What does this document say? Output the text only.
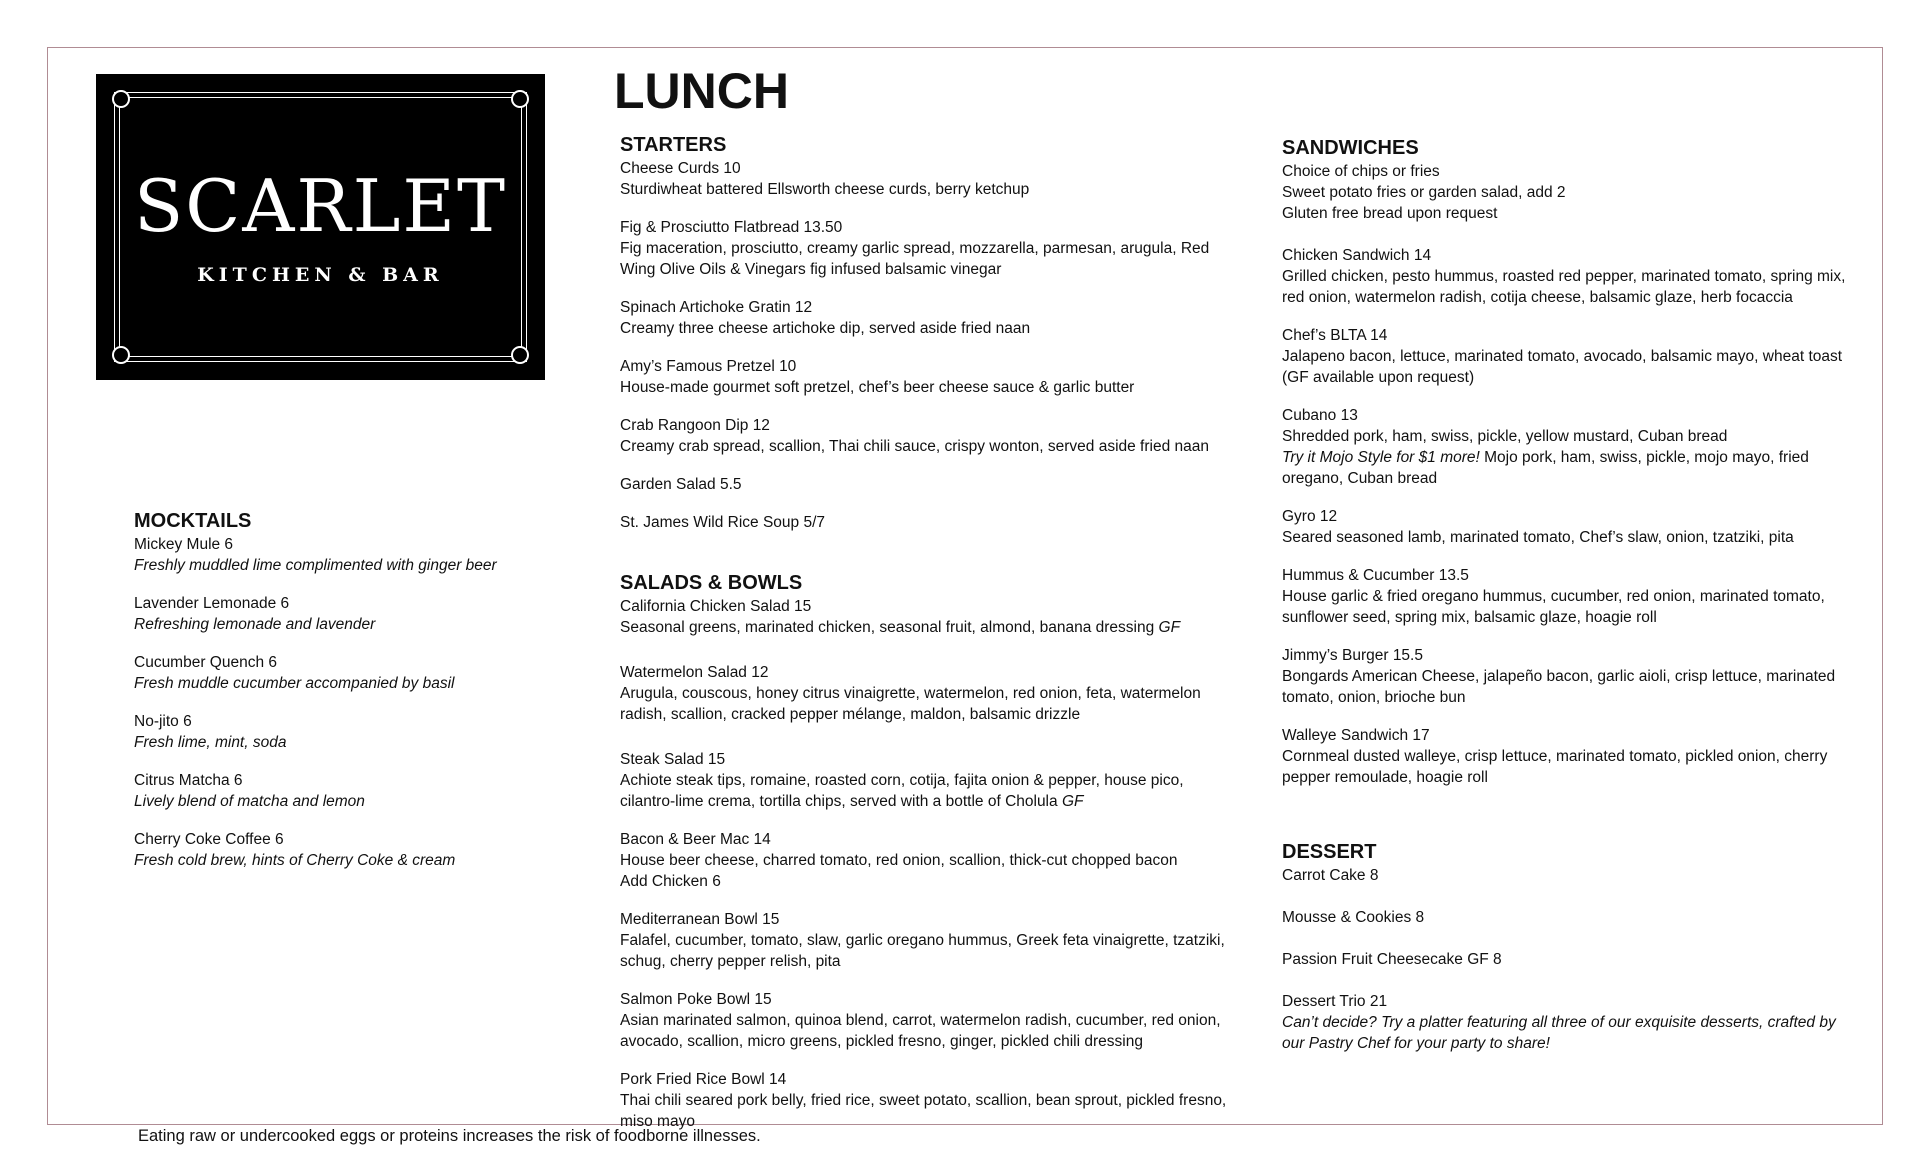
SCARLET
KITCHEN & BAR
LUNCH
MOCKTAILS
Mickey Mule 6
Freshly muddled lime complimented with ginger beer
Lavender Lemonade 6
Refreshing lemonade and lavender
Cucumber Quench 6
Fresh muddle cucumber accompanied by basil
No-jito 6
Fresh lime, mint, soda
Citrus Matcha 6
Lively blend of matcha and lemon
Cherry Coke Coffee 6
Fresh cold brew, hints of Cherry Coke & cream
STARTERS
Cheese Curds 10
Sturdiwheat battered Ellsworth cheese curds, berry ketchup
Fig & Prosciutto Flatbread 13.50
Fig maceration, prosciutto, creamy garlic spread, mozzarella, parmesan, arugula, Red Wing Olive Oils & Vinegars fig infused balsamic vinegar
Spinach Artichoke Gratin 12
Creamy three cheese artichoke dip, served aside fried naan
Amy’s Famous Pretzel 10
House-made gourmet soft pretzel, chef’s beer cheese sauce & garlic butter
Crab Rangoon Dip 12
Creamy crab spread, scallion, Thai chili sauce, crispy wonton, served aside fried naan
Garden Salad 5.5
St. James Wild Rice Soup 5/7
SALADS & BOWLS
California Chicken Salad 15
Seasonal greens, marinated chicken, seasonal fruit, almond, banana dressing GF
Watermelon Salad 12
Arugula, couscous, honey citrus vinaigrette, watermelon, red onion, feta, watermelon radish, scallion, cracked pepper mélange, maldon, balsamic drizzle
Steak Salad 15
Achiote steak tips, romaine, roasted corn, cotija, fajita onion & pepper, house pico, cilantro-lime crema, tortilla chips, served with a bottle of Cholula GF
Bacon & Beer Mac 14
House beer cheese, charred tomato, red onion, scallion, thick-cut chopped bacon
Add Chicken 6
Mediterranean Bowl 15
Falafel, cucumber, tomato, slaw, garlic oregano hummus, Greek feta vinaigrette, tzatziki, schug, cherry pepper relish, pita
Salmon Poke Bowl 15
Asian marinated salmon, quinoa blend, carrot, watermelon radish, cucumber, red onion, avocado, scallion, micro greens, pickled fresno, ginger, pickled chili dressing
Pork Fried Rice Bowl 14
Thai chili seared pork belly, fried rice, sweet potato, scallion, bean sprout, pickled fresno, miso mayo
SANDWICHES
Choice of chips or fries
Sweet potato fries or garden salad, add 2
Gluten free bread upon request
Chicken Sandwich 14
Grilled chicken, pesto hummus, roasted red pepper, marinated tomato, spring mix, red onion, watermelon radish, cotija cheese, balsamic glaze, herb focaccia
Chef’s BLTA 14
Jalapeno bacon, lettuce, marinated tomato, avocado, balsamic mayo, wheat toast (GF available upon request)
Cubano 13
Shredded pork, ham, swiss, pickle, yellow mustard, Cuban bread
Try it Mojo Style for $1 more! Mojo pork, ham, swiss, pickle, mojo mayo, fried oregano, Cuban bread
Gyro 12
Seared seasoned lamb, marinated tomato, Chef’s slaw, onion, tzatziki, pita
Hummus & Cucumber 13.5
House garlic & fried oregano hummus, cucumber, red onion, marinated tomato, sunflower seed, spring mix, balsamic glaze, hoagie roll
Jimmy’s Burger 15.5
Bongards American Cheese, jalapeño bacon, garlic aioli, crisp lettuce, marinated tomato, onion, brioche bun
Walleye Sandwich 17
Cornmeal dusted walleye, crisp lettuce, marinated tomato, pickled onion, cherry pepper remoulade, hoagie roll
DESSERT
Carrot Cake 8
Mousse & Cookies 8
Passion Fruit Cheesecake GF 8
Dessert Trio 21
Can’t decide? Try a platter featuring all three of our exquisite desserts, crafted by our Pastry Chef for your party to share!
Eating raw or undercooked eggs or proteins increases the risk of foodborne illnesses.
